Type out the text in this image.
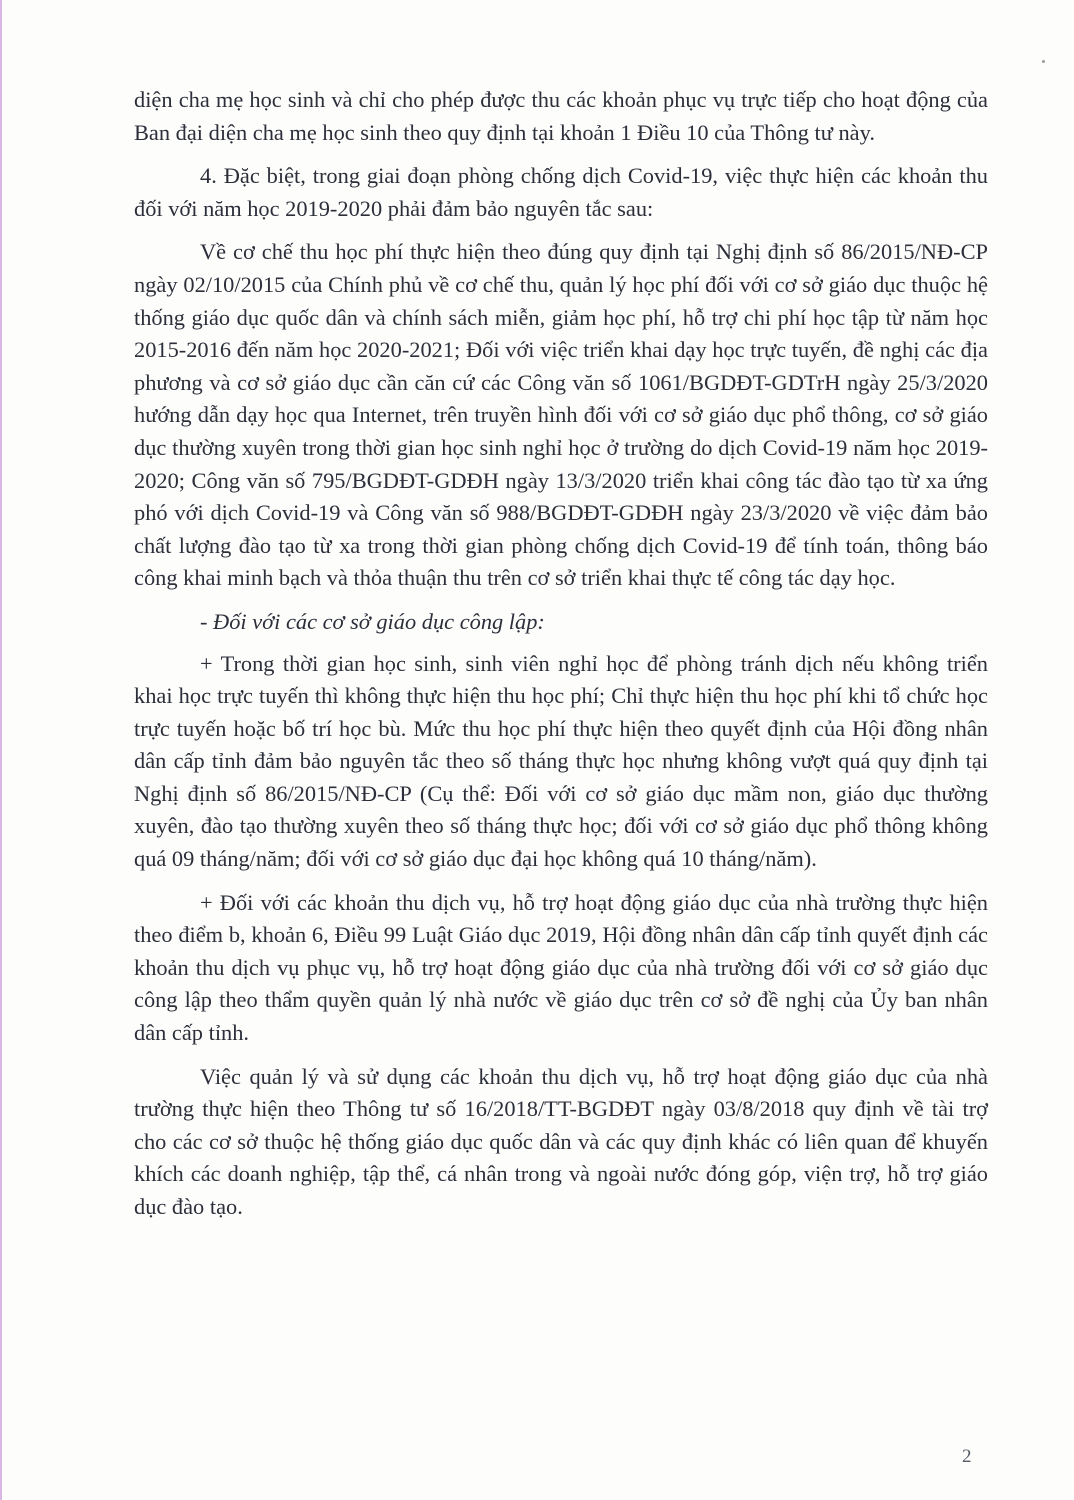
diện cha mẹ học sinh và chỉ cho phép được thu các khoản phục vụ trực tiếp cho hoạt động của Ban đại diện cha mẹ học sinh theo quy định tại khoản 1 Điều 10 của Thông tư này.

4. Đặc biệt, trong giai đoạn phòng chống dịch Covid-19, việc thực hiện các khoản thu đối với năm học 2019-2020 phải đảm bảo nguyên tắc sau:

Về cơ chế thu học phí thực hiện theo đúng quy định tại Nghị định số 86/2015/NĐ-CP ngày 02/10/2015 của Chính phủ về cơ chế thu, quản lý học phí đối với cơ sở giáo dục thuộc hệ thống giáo dục quốc dân và chính sách miễn, giảm học phí, hỗ trợ chi phí học tập từ năm học 2015-2016 đến năm học 2020-2021; Đối với việc triển khai dạy học trực tuyến, đề nghị các địa phương và cơ sở giáo dục cần căn cứ các Công văn số 1061/BGDĐT-GDTrH ngày 25/3/2020 hướng dẫn dạy học qua Internet, trên truyền hình đối với cơ sở giáo dục phổ thông, cơ sở giáo dục thường xuyên trong thời gian học sinh nghỉ học ở trường do dịch Covid-19 năm học 2019-2020; Công văn số 795/BGDĐT-GDĐH ngày 13/3/2020 triển khai công tác đào tạo từ xa ứng phó với dịch Covid-19 và Công văn số 988/BGDĐT-GDĐH ngày 23/3/2020 về việc đảm bảo chất lượng đào tạo từ xa trong thời gian phòng chống dịch Covid-19 để tính toán, thông báo công khai minh bạch và thỏa thuận thu trên cơ sở triển khai thực tế công tác dạy học.

- Đối với các cơ sở giáo dục công lập:

+ Trong thời gian học sinh, sinh viên nghỉ học để phòng tránh dịch nếu không triển khai học trực tuyến thì không thực hiện thu học phí; Chỉ thực hiện thu học phí khi tổ chức học trực tuyến hoặc bố trí học bù. Mức thu học phí thực hiện theo quyết định của Hội đồng nhân dân cấp tỉnh đảm bảo nguyên tắc theo số tháng thực học nhưng không vượt quá quy định tại Nghị định số 86/2015/NĐ-CP (Cụ thể: Đối với cơ sở giáo dục mầm non, giáo dục thường xuyên, đào tạo thường xuyên theo số tháng thực học; đối với cơ sở giáo dục phổ thông không quá 09 tháng/năm; đối với cơ sở giáo dục đại học không quá 10 tháng/năm).

+ Đối với các khoản thu dịch vụ, hỗ trợ hoạt động giáo dục của nhà trường thực hiện theo điểm b, khoản 6, Điều 99 Luật Giáo dục 2019, Hội đồng nhân dân cấp tỉnh quyết định các khoản thu dịch vụ phục vụ, hỗ trợ hoạt động giáo dục của nhà trường đối với cơ sở giáo dục công lập theo thẩm quyền quản lý nhà nước về giáo dục trên cơ sở đề nghị của Ủy ban nhân dân cấp tỉnh.

Việc quản lý và sử dụng các khoản thu dịch vụ, hỗ trợ hoạt động giáo dục của nhà trường thực hiện theo Thông tư số 16/2018/TT-BGDĐT ngày 03/8/2018 quy định về tài trợ cho các cơ sở thuộc hệ thống giáo dục quốc dân và các quy định khác có liên quan để khuyến khích các doanh nghiệp, tập thể, cá nhân trong và ngoài nước đóng góp, viện trợ, hỗ trợ giáo dục đào tạo.

2
